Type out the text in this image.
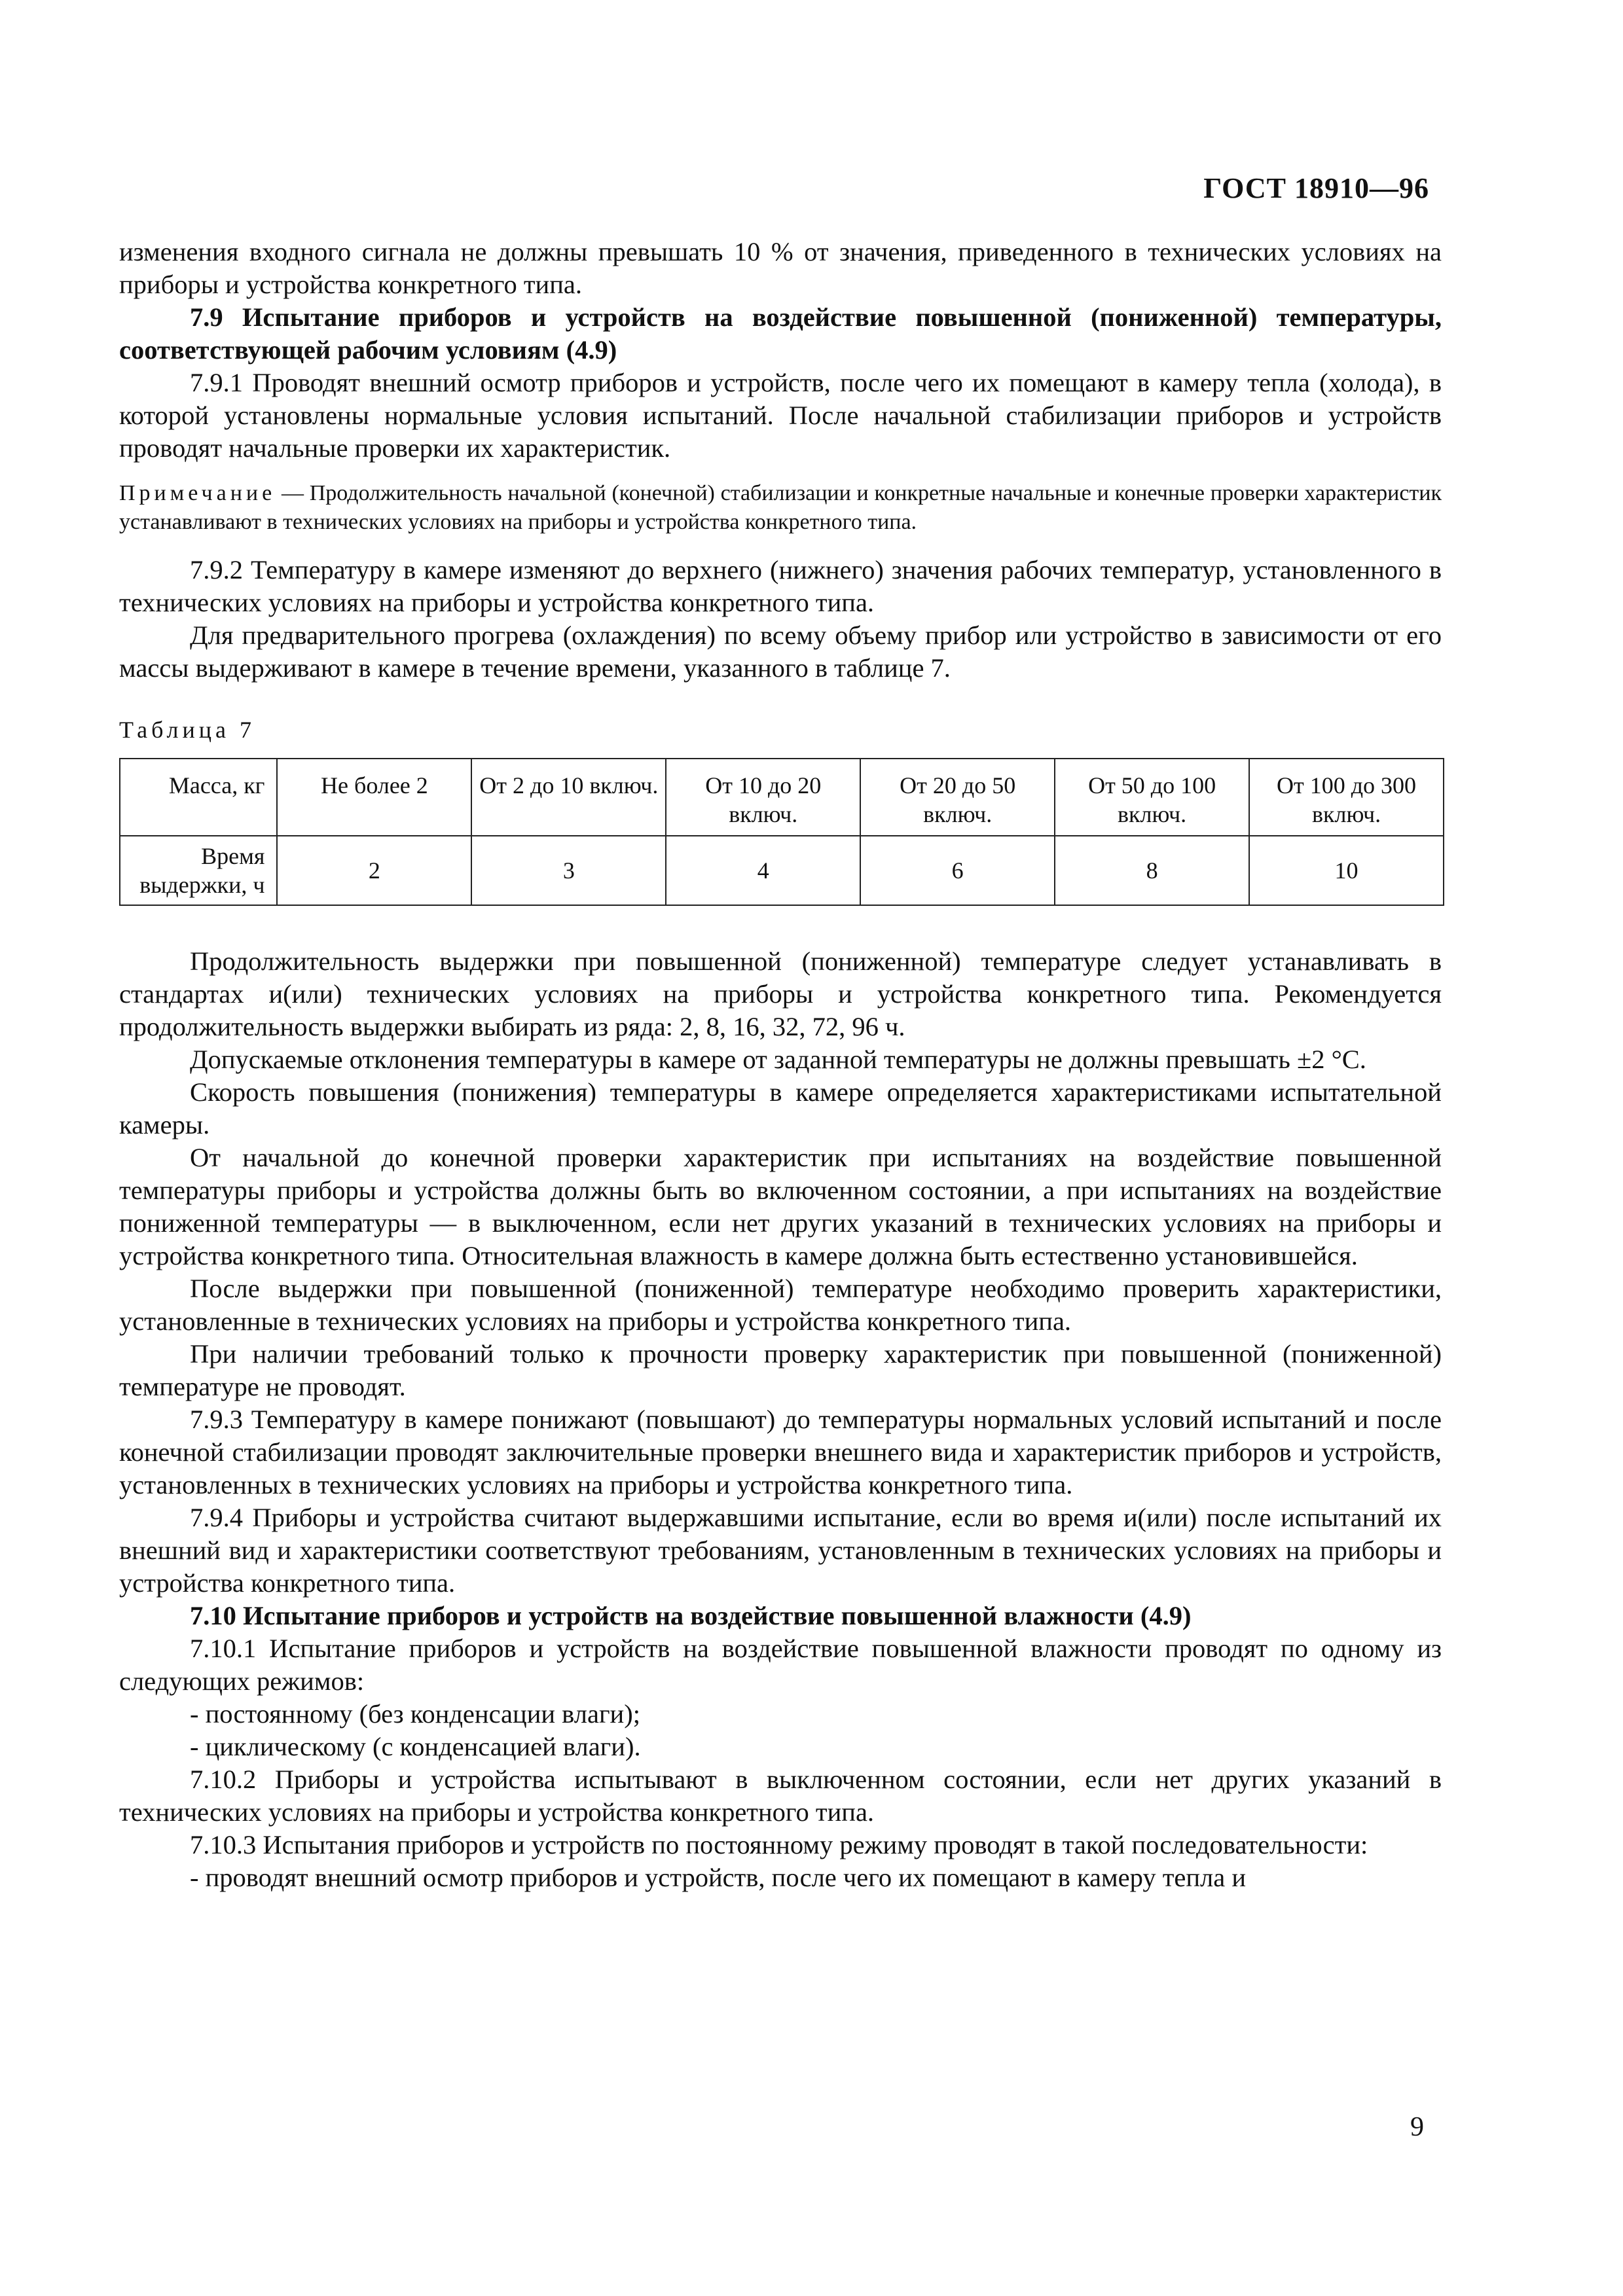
ГОСТ 18910—96

изменения входного сигнала не должны превышать 10 % от значения, приведенного в технических условиях на приборы и устройства конкретного типа.

7.9 Испытание приборов и устройств на воздействие повышенной (пониженной) температуры, соответствующей рабочим условиям (4.9)

7.9.1 Проводят внешний осмотр приборов и устройств, после чего их помещают в камеру тепла (холода), в которой установлены нормальные условия испытаний. После начальной стабилизации приборов и устройств проводят начальные проверки их характеристик.

Примечание — Продолжительность начальной (конечной) стабилизации и конкретные начальные и конечные проверки характеристик устанавливают в технических условиях на приборы и устройства конкретного типа.

7.9.2 Температуру в камере изменяют до верхнего (нижнего) значения рабочих температур, установленного в технических условиях на приборы и устройства конкретного типа.

Для предварительного прогрева (охлаждения) по всему объему прибор или устройство в зависимости от его массы выдерживают в камере в течение времени, указанного в таблице 7.

Таблица 7
Масса, кг	Не более 2	От 2 до 10 включ.	От 10 до 20 включ.	От 20 до 50 включ.	От 50 до 100 включ.	От 100 до 300 включ.
Время выдержки, ч	2	3	4	6	8	10

Продолжительность выдержки при повышенной (пониженной) температуре следует устанавливать в стандартах и(или) технических условиях на приборы и устройства конкретного типа. Рекомендуется продолжительность выдержки выбирать из ряда: 2, 8, 16, 32, 72, 96 ч.

Допускаемые отклонения температуры в камере от заданной температуры не должны превышать ±2 °С.

Скорость повышения (понижения) температуры в камере определяется характеристиками испытательной камеры.

От начальной до конечной проверки характеристик при испытаниях на воздействие повышенной температуры приборы и устройства должны быть во включенном состоянии, а при испытаниях на воздействие пониженной температуры — в выключенном, если нет других указаний в технических условиях на приборы и устройства конкретного типа. Относительная влажность в камере должна быть естественно установившейся.

После выдержки при повышенной (пониженной) температуре необходимо проверить характеристики, установленные в технических условиях на приборы и устройства конкретного типа.

При наличии требований только к прочности проверку характеристик при повышенной (пониженной) температуре не проводят.

7.9.3 Температуру в камере понижают (повышают) до температуры нормальных условий испытаний и после конечной стабилизации проводят заключительные проверки внешнего вида и характеристик приборов и устройств, установленных в технических условиях на приборы и устройства конкретного типа.

7.9.4 Приборы и устройства считают выдержавшими испытание, если во время и(или) после испытаний их внешний вид и характеристики соответствуют требованиям, установленным в технических условиях на приборы и устройства конкретного типа.

7.10 Испытание приборов и устройств на воздействие повышенной влажности (4.9)

7.10.1 Испытание приборов и устройств на воздействие повышенной влажности проводят по одному из следующих режимов:

- постоянному (без конденсации влаги);

- циклическому (с конденсацией влаги).

7.10.2 Приборы и устройства испытывают в выключенном состоянии, если нет других указаний в технических условиях на приборы и устройства конкретного типа.

7.10.3 Испытания приборов и устройств по постоянному режиму проводят в такой последовательности:

- проводят внешний осмотр приборов и устройств, после чего их помещают в камеру тепла и

9
